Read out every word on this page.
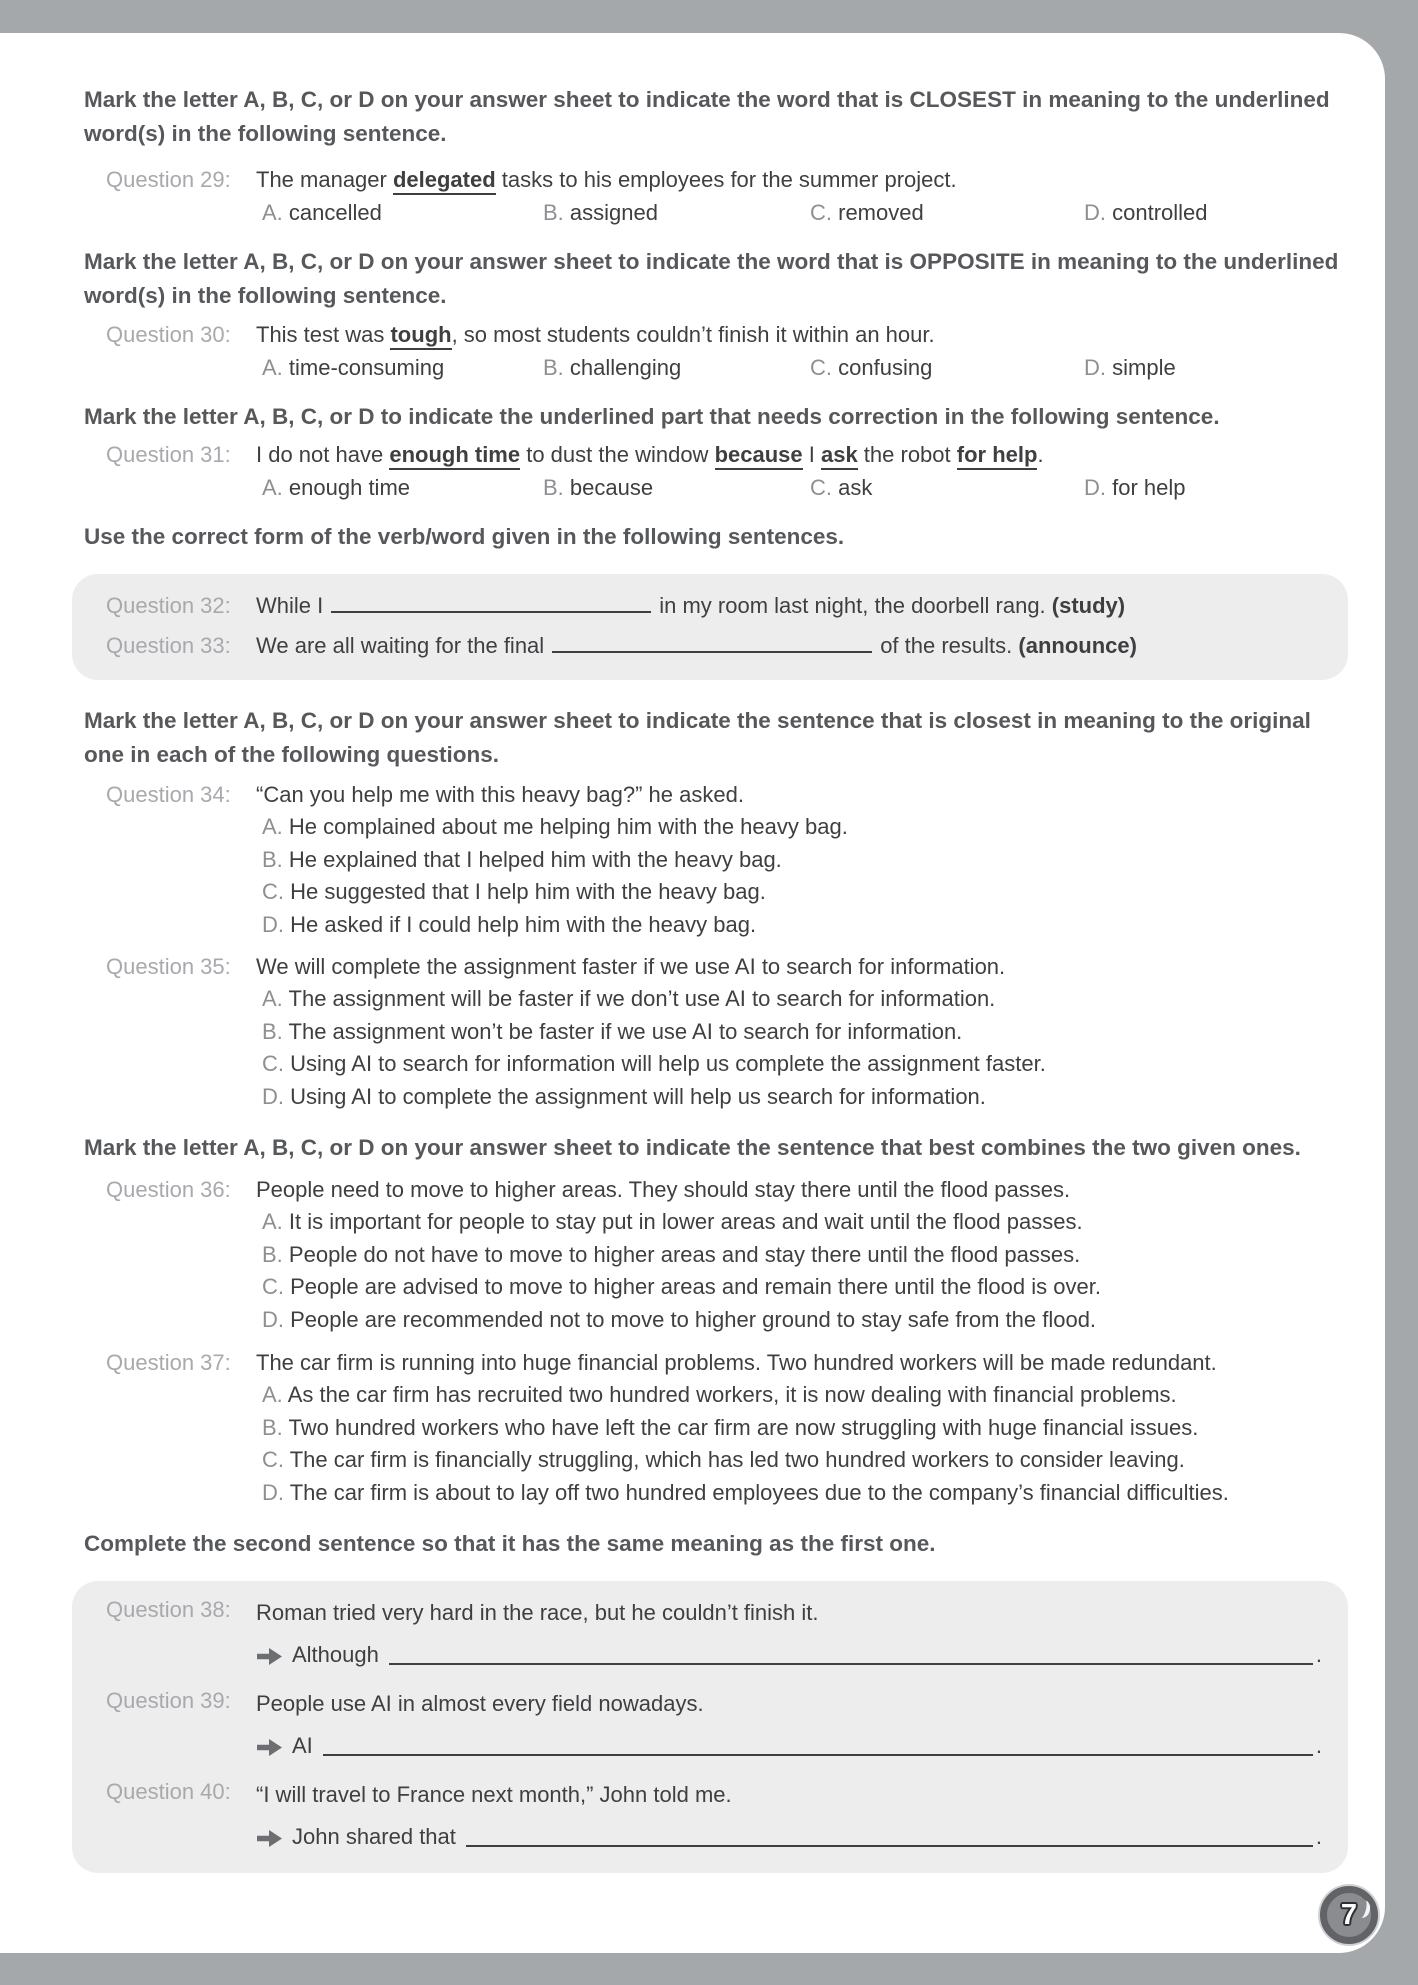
Mark the letter A, B, C, or D on your answer sheet to indicate the word that is CLOSEST in meaning to the underlined word(s) in the following sentence.
Question 29:	The manager delegated tasks to his employees for the summer project.

A. cancelled	B. assigned	C. removed	D. controlled
Mark the letter A, B, C, or D on your answer sheet to indicate the word that is OPPOSITE in meaning to the underlined word(s) in the following sentence.
Question 30:	This test was tough, so most students couldn’t finish it within an hour.

A. time-consuming	B. challenging	C. confusing	D. simple
Mark the letter A, B, C, or D to indicate the underlined part that needs correction in the following sentence.
Question 31:	I do not have enough time to dust the window because I ask the robot for help.

A. enough time	B. because	C. ask	D. for help
Use the correct form of the verb/word given in the following sentences.
Question 32:	While I	in my room last night, the doorbell rang. (study)
Question 33:	We are all waiting for the final	of the results. (announce)
Mark the letter A, B, C, or D on your answer sheet to indicate the sentence that is closest in meaning to the original one in each of the following questions.
Question 34:	“Can you help me with this heavy bag?” he asked.

A. He complained about me helping him with the heavy bag.
B. He explained that I helped him with the heavy bag.
C. He suggested that I help him with the heavy bag.
D. He asked if I could help him with the heavy bag.
Question 35:	We will complete the assignment faster if we use AI to search for information.

A. The assignment will be faster if we don’t use AI to search for information.
B. The assignment won’t be faster if we use AI to search for information.
C. Using AI to search for information will help us complete the assignment faster.
D. Using AI to complete the assignment will help us search for information.
Mark the letter A, B, C, or D on your answer sheet to indicate the sentence that best combines the two given ones.
Question 36:	People need to move to higher areas. They should stay there until the flood passes.

A. It is important for people to stay put in lower areas and wait until the flood passes.
B. People do not have to move to higher areas and stay there until the flood passes.
C. People are advised to move to higher areas and remain there until the flood is over.
D. People are recommended not to move to higher ground to stay safe from the flood.
Question 37:	The car firm is running into huge financial problems. Two hundred workers will be made redundant.

A. As the car firm has recruited two hundred workers, it is now dealing with financial problems.
B. Two hundred workers who have left the car firm are now struggling with huge financial issues.
C. The car firm is financially struggling, which has led two hundred workers to consider leaving.
D. The car firm is about to lay off two hundred employees due to the company’s financial difficulties.
Complete the second sentence so that it has the same meaning as the first one.
Question 38:	Roman tried very hard in the race, but he couldn’t finish it.

Although	.
Question 39:	People use AI in almost every field nowadays.

AI	.
Question 40:	“I will travel to France next month,” John told me.

John shared that	.
7
